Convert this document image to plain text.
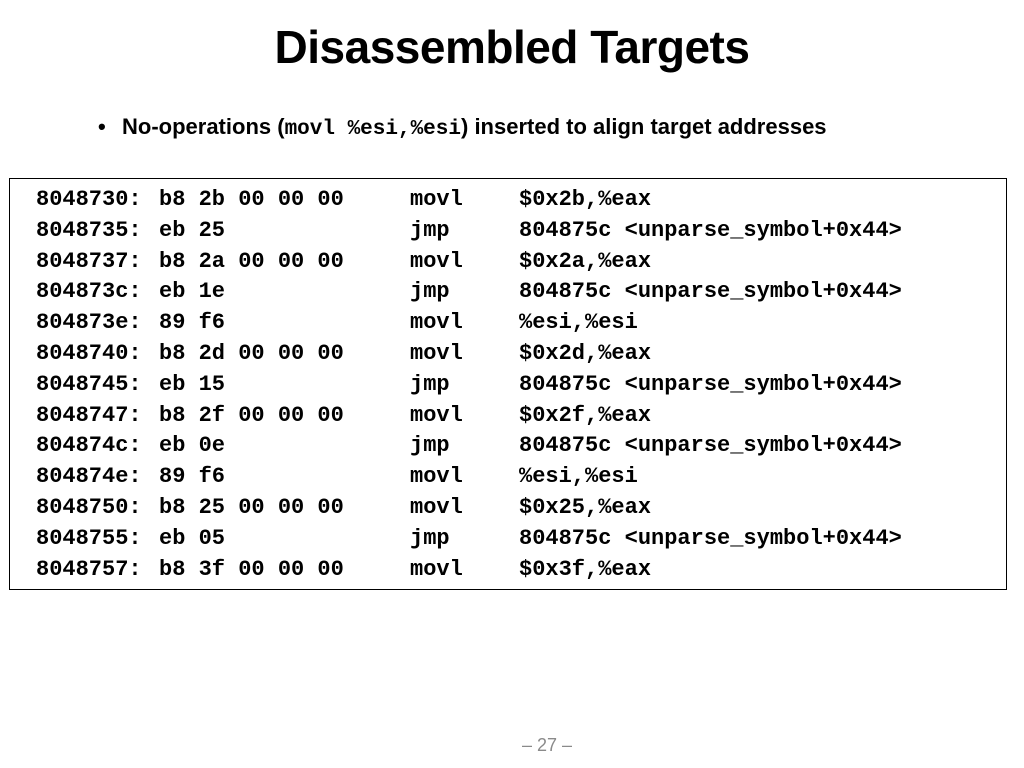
Disassembled Targets
• No-operations (movl %esi,%esi) inserted to align target addresses
8048730:	b8 2b 00 00 00	movl	$0x2b,%eax
8048735:	eb 25	jmp	804875c <unparse_symbol+0x44>
8048737:	b8 2a 00 00 00	movl	$0x2a,%eax
804873c:	eb 1e	jmp	804875c <unparse_symbol+0x44>
804873e:	89 f6	movl	%esi,%esi
8048740:	b8 2d 00 00 00	movl	$0x2d,%eax
8048745:	eb 15	jmp	804875c <unparse_symbol+0x44>
8048747:	b8 2f 00 00 00	movl	$0x2f,%eax
804874c:	eb 0e	jmp	804875c <unparse_symbol+0x44>
804874e:	89 f6	movl	%esi,%esi
8048750:	b8 25 00 00 00	movl	$0x25,%eax
8048755:	eb 05	jmp	804875c <unparse_symbol+0x44>
8048757:	b8 3f 00 00 00	movl	$0x3f,%eax
– 27 –
